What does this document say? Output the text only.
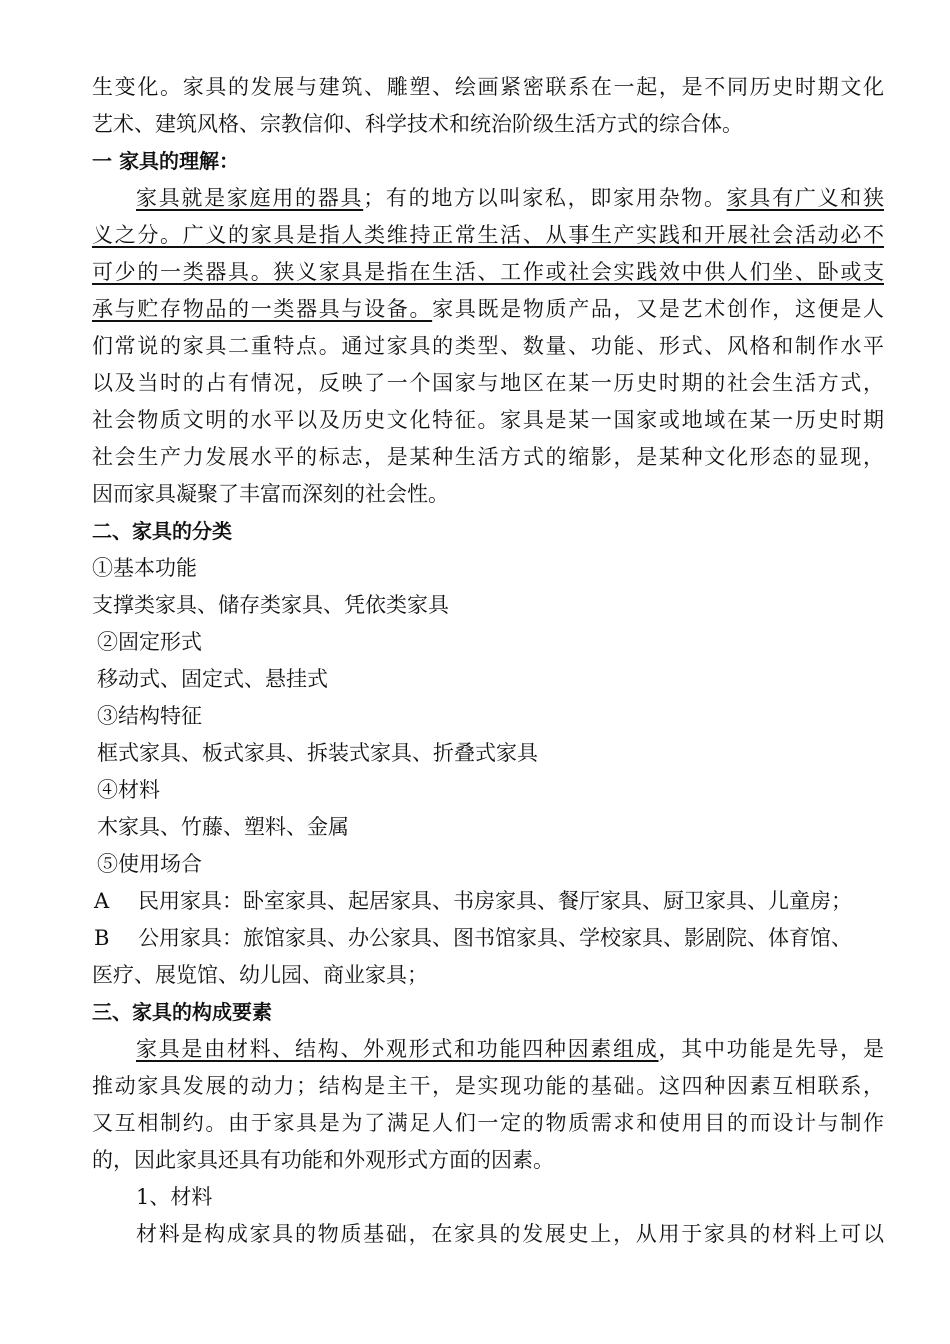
生变化。家具的发展与建筑、雕塑、绘画紧密联系在一起，是不同历史时期文化
艺术、建筑风格、宗教信仰、科学技术和统治阶级生活方式的综合体。
一 家具的理解：
家具就是家庭用的器具；有的地方以叫家私，即家用杂物。家具有广义和狭
义之分。广义的家具是指人类维持正常生活、从事生产实践和开展社会活动必不
可少的一类器具。狭义家具是指在生活、工作或社会实践效中供人们坐、卧或支
承与贮存物品的一类器具与设备。家具既是物质产品，又是艺术创作，这便是人
们常说的家具二重特点。通过家具的类型、数量、功能、形式、风格和制作水平
以及当时的占有情况，反映了一个国家与地区在某一历史时期的社会生活方式，
社会物质文明的水平以及历史文化特征。家具是某一国家或地域在某一历史时期
社会生产力发展水平的标志，是某种生活方式的缩影，是某种文化形态的显现，
因而家具凝聚了丰富而深刻的社会性。
二、家具的分类
①基本功能
支撑类家具、储存类家具、凭依类家具
②固定形式
移动式、固定式、悬挂式
③结构特征
框式家具、板式家具、拆装式家具、折叠式家具
④材料
木家具、竹藤、塑料、金属
⑤使用场合
A 民用家具：卧室家具、起居家具、书房家具、餐厅家具、厨卫家具、儿童房；
B 公用家具：旅馆家具、办公家具、图书馆家具、学校家具、影剧院、体育馆、
医疗、展览馆、幼儿园、商业家具；
三、家具的构成要素
家具是由材料、结构、外观形式和功能四种因素组成，其中功能是先导，是
推动家具发展的动力；结构是主干，是实现功能的基础。这四种因素互相联系，
又互相制约。由于家具是为了满足人们一定的物质需求和使用目的而设计与制作
的，因此家具还具有功能和外观形式方面的因素。
1、材料
材料是构成家具的物质基础，在家具的发展史上，从用于家具的材料上可以
